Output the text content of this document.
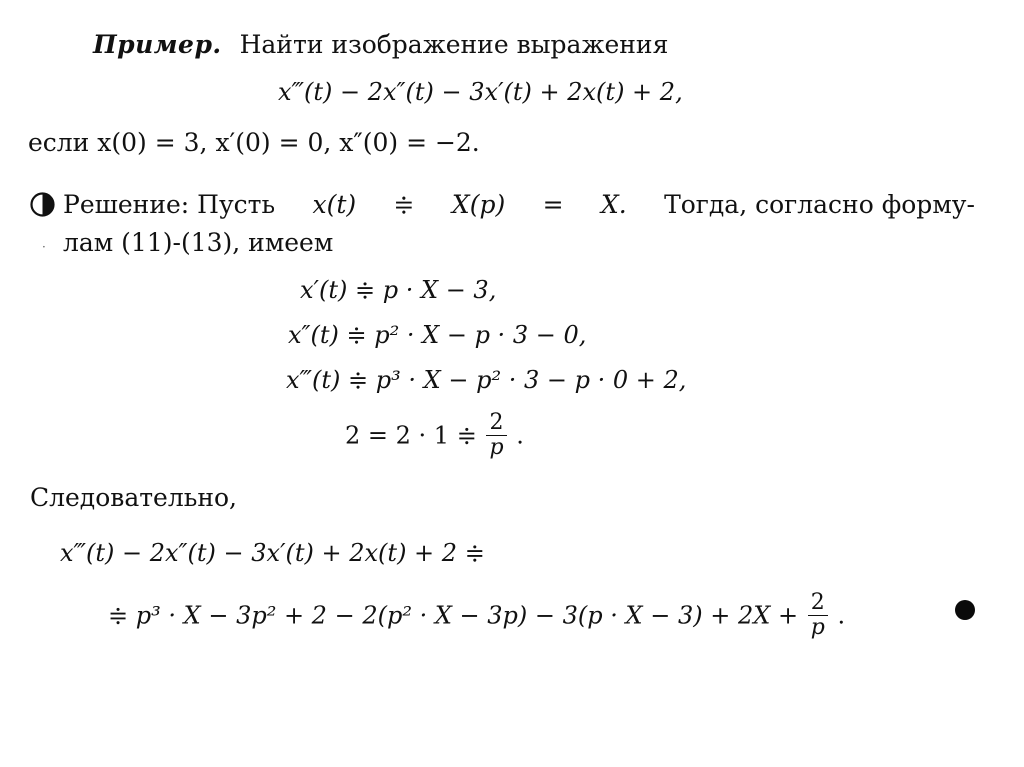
Пример. Найти изображение выражения
x‴(t) − 2x″(t) − 3x′(t) + 2x(t) + 2,
если x(0) = 3, x′(0) = 0, x″(0) = −2.
Решение: Пусть x(t) ≑ X(p) = X. Тогда, согласно форму-
· лам (11)-(13), имеем
x′(t) ≑ p · X − 3,
x″(t) ≑ p² · X − p · 3 − 0,
x‴(t) ≑ p³ · X − p² · 3 − p · 0 + 2,
2 = 2 · 1 ≑ $\frac{2}{p}$ .
Следовательно,
x‴(t) − 2x″(t) − 3x′(t) + 2x(t) + 2 ≑
≑ $p^3 \cdot X - 3p^2 + 2 - 2(p^2 \cdot X - 3p) - 3(p \cdot X - 3) + 2X + \frac{2}{p}$ .
